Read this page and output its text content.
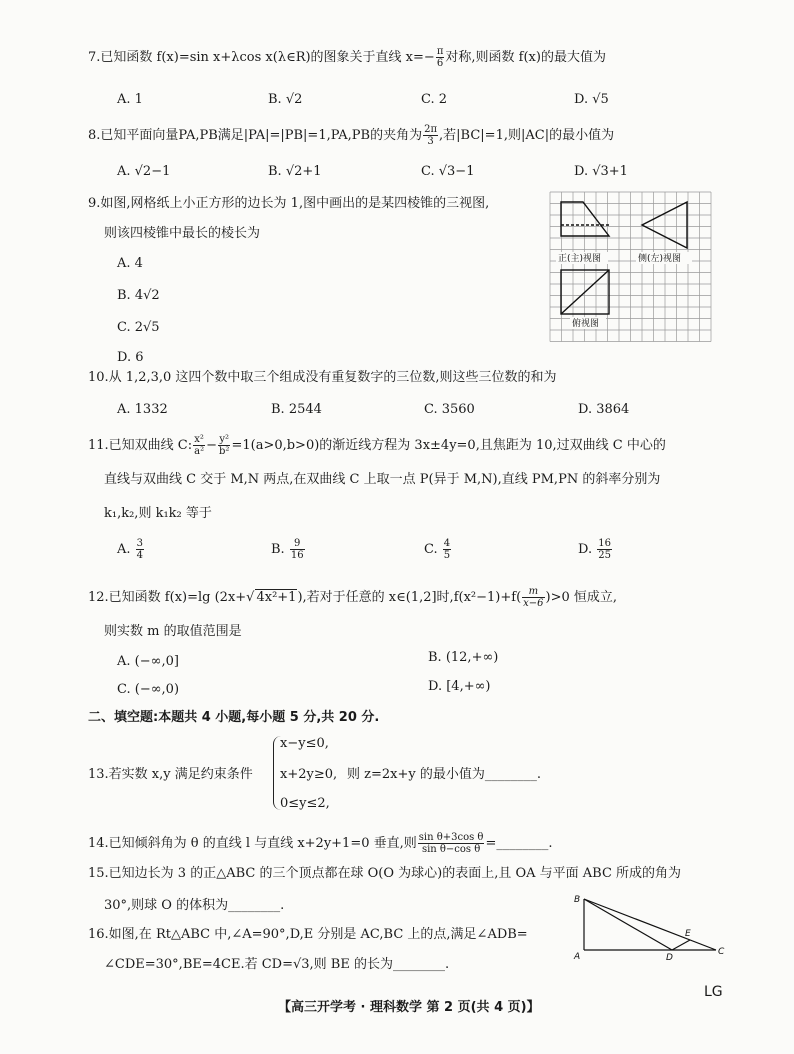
7.已知函数 f(x)=sin x+λcos x(λ∈R)的图象关于直线 $x=- \frac{\pi}{6}$ 对称,则函数 f(x)的最大值为
A. 1	B. √2	C. 2	D. √5
8.已知平面向量PA,PB满足|PA|=|PB|=1,PA,PB的夹角为 $\frac{2\pi}{3}$ ,若|BC|=1,则|AC|的最小值为
A. √2−1	B. √2+1	C. √3−1	D. √3+1
9.如图,网格纸上小正方形的边长为 1,图中画出的是某四棱锥的三视图,
则该四棱锥中最长的棱长为
A. 4
B. 4√2
C. 2√5
D. 6
正(主)视图	侧(左)视图
俯视图
10.从 1,2,3,0 这四个数中取三个组成没有重复数字的三位数,则这些三位数的和为
A. 1332	B. 2544	C. 3560	D. 3864
11.已知双曲线 C: $\frac{\text{x²}}{\text{a²}} - \frac{\text{y²}}{\text{b²}} =1(a>0,b>0)$的渐近线方程为 3x±4y=0,且焦距为 10,过双曲线 C 中心的
直线与双曲线 C 交于 M,N 两点,在双曲线 C 上取一点 P(异于 M,N),直线 PM,PN 的斜率分别为
k₁,k₂,则 k₁k₂ 等于
A. $\frac{3}{4}$	B. $\frac{9}{16}$	C. $\frac{4}{5}$	D. $\frac{16}{25}$
12.已知函数 f(x)=lg (2x+√ 4x²+1),若对于任意的 x∈(1,2]时$,f(x^2-1)+f( \frac{m}{x-6} )>0$ 恒成立,
则实数 m 的取值范围是
A. (−∞,0]	B. (12,+∞)
C. (−∞,0)	D. [4,+∞)
二、填空题:本题共 4 小题,每小题 5 分,共 20 分.
13.若实数 x,y 满足约束条件
x−y≤0,
x+2y≥0,
0≤y≤2,
则 z=2x+y 的最小值为________.
14.已知倾斜角为 θ 的直线 l 与直线 x+2y+1=0 垂直,则 $\frac{\text{sin θ+3cos θ}}{\text{sin θ−cos θ}}$ =________.
15.已知边长为 3 的正△ABC 的三个顶点都在球 O(O 为球心)的表面上,且 OA 与平面 ABC 所成的角为
30°,则球 O 的体积为________.
16.如图,在 Rt△ABC 中,∠A=90°,D,E 分别是 AC,BC 上的点,满足∠ADB=
∠CDE=30°,BE=4CE.若 CD=√3,则 BE 的长为________.
B
A	D
E
C
【高三开学考 · 理科数学 第 2 页(共 4 页)】
LG
